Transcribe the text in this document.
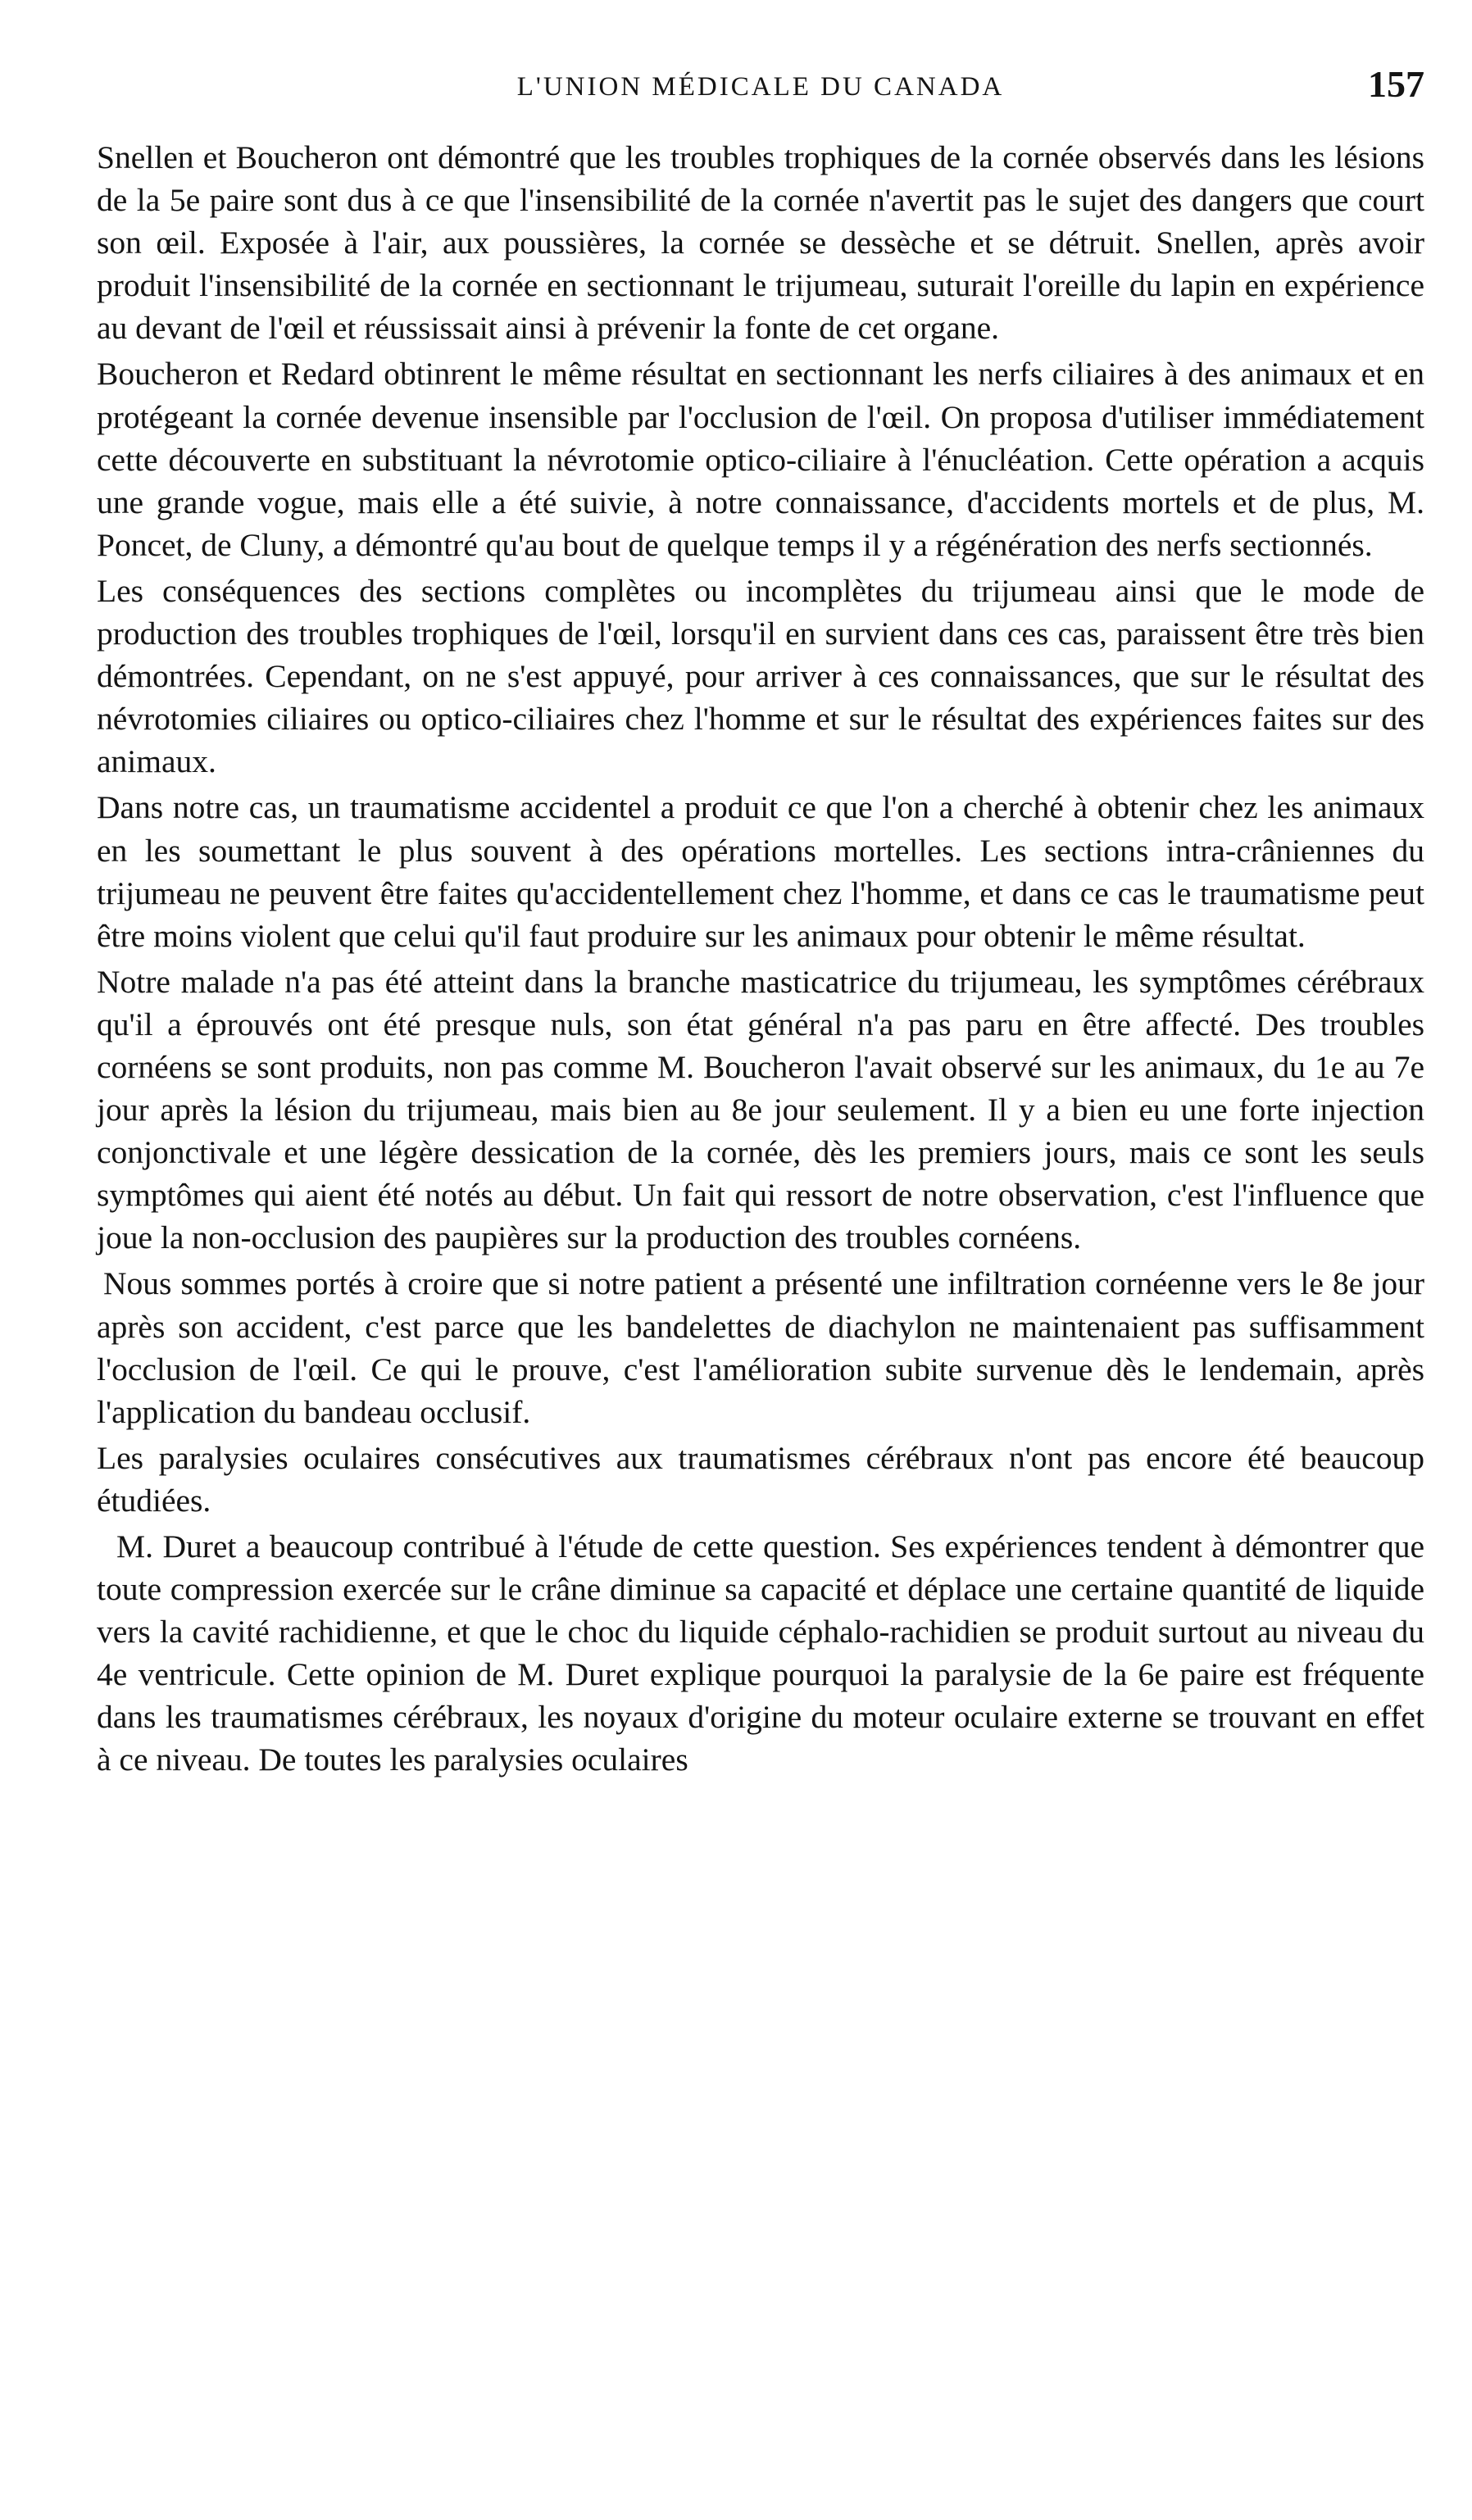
L'UNION MÉDICALE DU CANADA	157

Snellen et Boucheron ont démontré que les troubles trophiques de la cornée observés dans les lésions de la 5e paire sont dus à ce que l'insensibilité de la cornée n'avertit pas le sujet des dangers que court son œil. Exposée à l'air, aux poussières, la cornée se dessèche et se détruit. Snellen, après avoir produit l'insensibilité de la cornée en sectionnant le trijumeau, suturait l'oreille du lapin en expérience au devant de l'œil et réussissait ainsi à prévenir la fonte de cet organe.

Boucheron et Redard obtinrent le même résultat en sectionnant les nerfs ciliaires à des animaux et en protégeant la cornée devenue insensible par l'occlusion de l'œil. On proposa d'utiliser immédiatement cette découverte en substituant la névrotomie optico-ciliaire à l'énucléation. Cette opération a acquis une grande vogue, mais elle a été suivie, à notre connaissance, d'accidents mortels et de plus, M. Poncet, de Cluny, a démontré qu'au bout de quelque temps il y a régénération des nerfs sectionnés.

Les conséquences des sections complètes ou incomplètes du trijumeau ainsi que le mode de production des troubles trophiques de l'œil, lorsqu'il en survient dans ces cas, paraissent être très bien démontrées. Cependant, on ne s'est appuyé, pour arriver à ces connaissances, que sur le résultat des névrotomies ciliaires ou optico-ciliaires chez l'homme et sur le résultat des expériences faites sur des animaux.

Dans notre cas, un traumatisme accidentel a produit ce que l'on a cherché à obtenir chez les animaux en les soumettant le plus souvent à des opérations mortelles. Les sections intra-crâniennes du trijumeau ne peuvent être faites qu'accidentellement chez l'homme, et dans ce cas le traumatisme peut être moins violent que celui qu'il faut produire sur les animaux pour obtenir le même résultat.

Notre malade n'a pas été atteint dans la branche masticatrice du trijumeau, les symptômes cérébraux qu'il a éprouvés ont été presque nuls, son état général n'a pas paru en être affecté. Des troubles cornéens se sont produits, non pas comme M. Boucheron l'avait observé sur les animaux, du 1e au 7e jour après la lésion du trijumeau, mais bien au 8e jour seulement. Il y a bien eu une forte injection conjonctivale et une légère dessication de la cornée, dès les premiers jours, mais ce sont les seuls symptômes qui aient été notés au début. Un fait qui ressort de notre observation, c'est l'influence que joue la non-occlusion des paupières sur la production des troubles cornéens.

Nous sommes portés à croire que si notre patient a présenté une infiltration cornéenne vers le 8e jour après son accident, c'est parce que les bandelettes de diachylon ne maintenaient pas suffisamment l'occlusion de l'œil. Ce qui le prouve, c'est l'amélioration subite survenue dès le lendemain, après l'application du bandeau occlusif.

Les paralysies oculaires consécutives aux traumatismes cérébraux n'ont pas encore été beaucoup étudiées.

M. Duret a beaucoup contribué à l'étude de cette question. Ses expériences tendent à démontrer que toute compression exercée sur le crâne diminue sa capacité et déplace une certaine quantité de liquide vers la cavité rachidienne, et que le choc du liquide céphalo-rachidien se produit surtout au niveau du 4e ventricule. Cette opinion de M. Duret explique pourquoi la paralysie de la 6e paire est fréquente dans les traumatismes cérébraux, les noyaux d'origine du moteur oculaire externe se trouvant en effet à ce niveau. De toutes les paralysies oculaires
